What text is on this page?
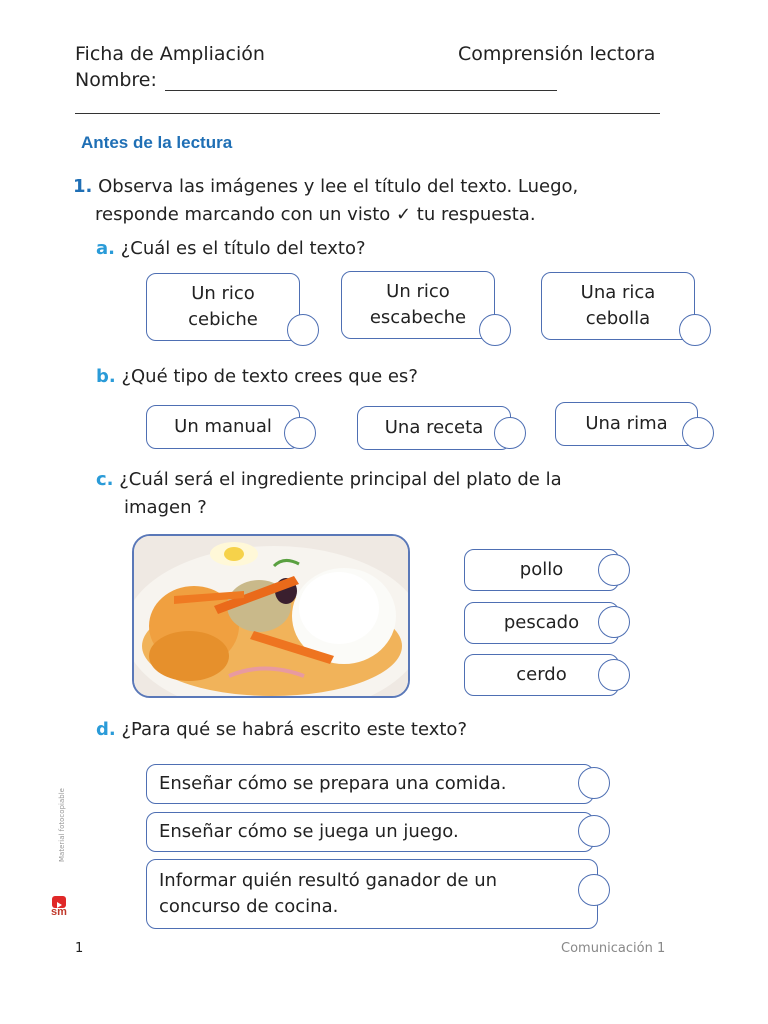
Ficha de Ampliación	Comprensión lectora
Nombre:
Antes de la lectura
1. Observa las imágenes y lee el título del texto. Luego,
responde marcando con un visto ✓ tu respuesta.
a. ¿Cuál es el título del texto?
Un rico
cebiche
Un rico
escabeche
Una rica
cebolla
b. ¿Qué tipo de texto crees que es?
Un manual	Una receta	Una rima
c. ¿Cuál será el ingrediente principal del plato de la
imagen ?
pollo
pescado
cerdo
d. ¿Para qué se habrá escrito este texto?
Enseñar cómo se prepara una comida.
Enseñar cómo se juega un juego.
Informar quién resultó ganador de un
concurso de cocina.
Material fotocopiable
sm
1	Comunicación 1
